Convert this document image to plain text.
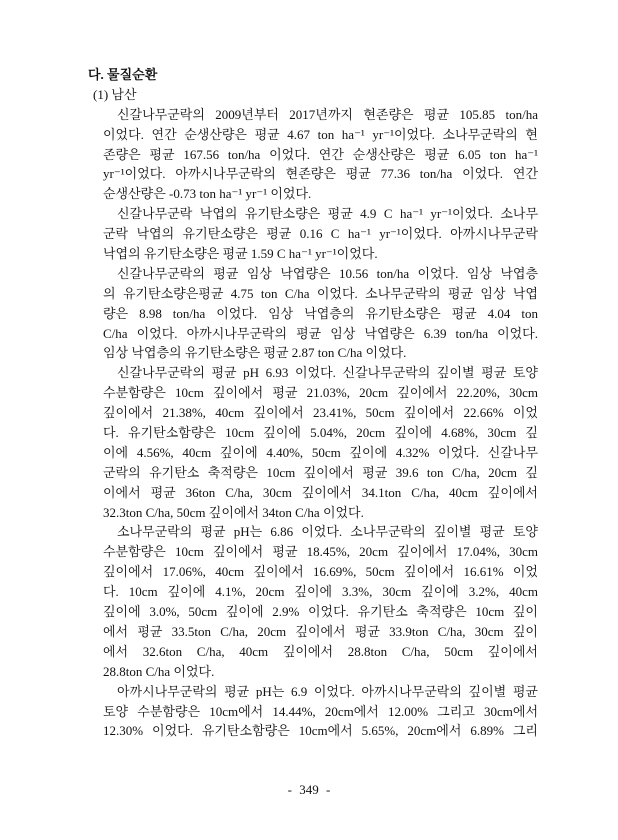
다. 물질순환
(1) 남산
신갈나무군락의 2009년부터 2017년까지 현존량은 평균 105.85 ton/ha
이었다. 연간 순생산량은 평균 4.67 ton ha⁻¹ yr⁻¹이었다. 소나무군락의 현
존량은 평균 167.56 ton/ha 이었다. 연간 순생산량은 평균 6.05 ton ha⁻¹
yr⁻¹이었다. 아까시나무군락의 현존량은 평균 77.36 ton/ha 이었다. 연간
순생산량은 -0.73 ton ha⁻¹ yr⁻¹ 이었다.
신갈나무군락 낙엽의 유기탄소량은 평균 4.9 C ha⁻¹ yr⁻¹이었다. 소나무
군락 낙엽의 유기탄소량은 평균 0.16 C ha⁻¹ yr⁻¹이었다. 아까시나무군락
낙엽의 유기탄소량은 평균 1.59 C ha⁻¹ yr⁻¹이었다.
신갈나무군락의 평균 임상 낙엽량은 10.56 ton/ha 이었다. 임상 낙엽층
의 유기탄소량은평균 4.75 ton C/ha 이었다. 소나무군락의 평균 임상 낙엽
량은 8.98 ton/ha 이었다. 임상 낙엽층의 유기탄소량은 평균 4.04 ton
C/ha 이었다. 아까시나무군락의 평균 임상 낙엽량은 6.39 ton/ha 이었다.
임상 낙엽층의 유기탄소량은 평균 2.87 ton C/ha 이었다.
신갈나무군락의 평균 pH 6.93 이었다. 신갈나무군락의 깊이별 평균 토양
수분함량은 10cm 깊이에서 평균 21.03%, 20cm 깊이에서 22.20%, 30cm
깊이에서 21.38%, 40cm 깊이에서 23.41%, 50cm 깊이에서 22.66% 이었
다. 유기탄소함량은 10cm 깊이에 5.04%, 20cm 깊이에 4.68%, 30cm 깊
이에 4.56%, 40cm 깊이에 4.40%, 50cm 깊이에 4.32% 이었다. 신갈나무
군락의 유기탄소 축적량은 10cm 깊이에서 평균 39.6 ton C/ha, 20cm 깊
이에서 평균 36ton C/ha, 30cm 깊이에서 34.1ton C/ha, 40cm 깊이에서
32.3ton C/ha, 50cm 깊이에서 34ton C/ha 이었다.
소나무군락의 평균 pH는 6.86 이었다. 소나무군락의 깊이별 평균 토양
수분함량은 10cm 깊이에서 평균 18.45%, 20cm 깊이에서 17.04%, 30cm
깊이에서 17.06%, 40cm 깊이에서 16.69%, 50cm 깊이에서 16.61% 이었
다. 10cm 깊이에 4.1%, 20cm 깊이에 3.3%, 30cm 깊이에 3.2%, 40cm
깊이에 3.0%, 50cm 깊이에 2.9% 이었다. 유기탄소 축적량은 10cm 깊이
에서 평균 33.5ton C/ha, 20cm 깊이에서 평균 33.9ton C/ha, 30cm 깊이
에서 32.6ton C/ha, 40cm 깊이에서 28.8ton C/ha, 50cm 깊이에서
28.8ton C/ha 이었다.
아까시나무군락의 평균 pH는 6.9 이었다. 아까시나무군락의 깊이별 평균
토양 수분함량은 10cm에서 14.44%, 20cm에서 12.00% 그리고 30cm에서
12.30% 이었다. 유기탄소함량은 10cm에서 5.65%, 20cm에서 6.89% 그리
- 349 -
